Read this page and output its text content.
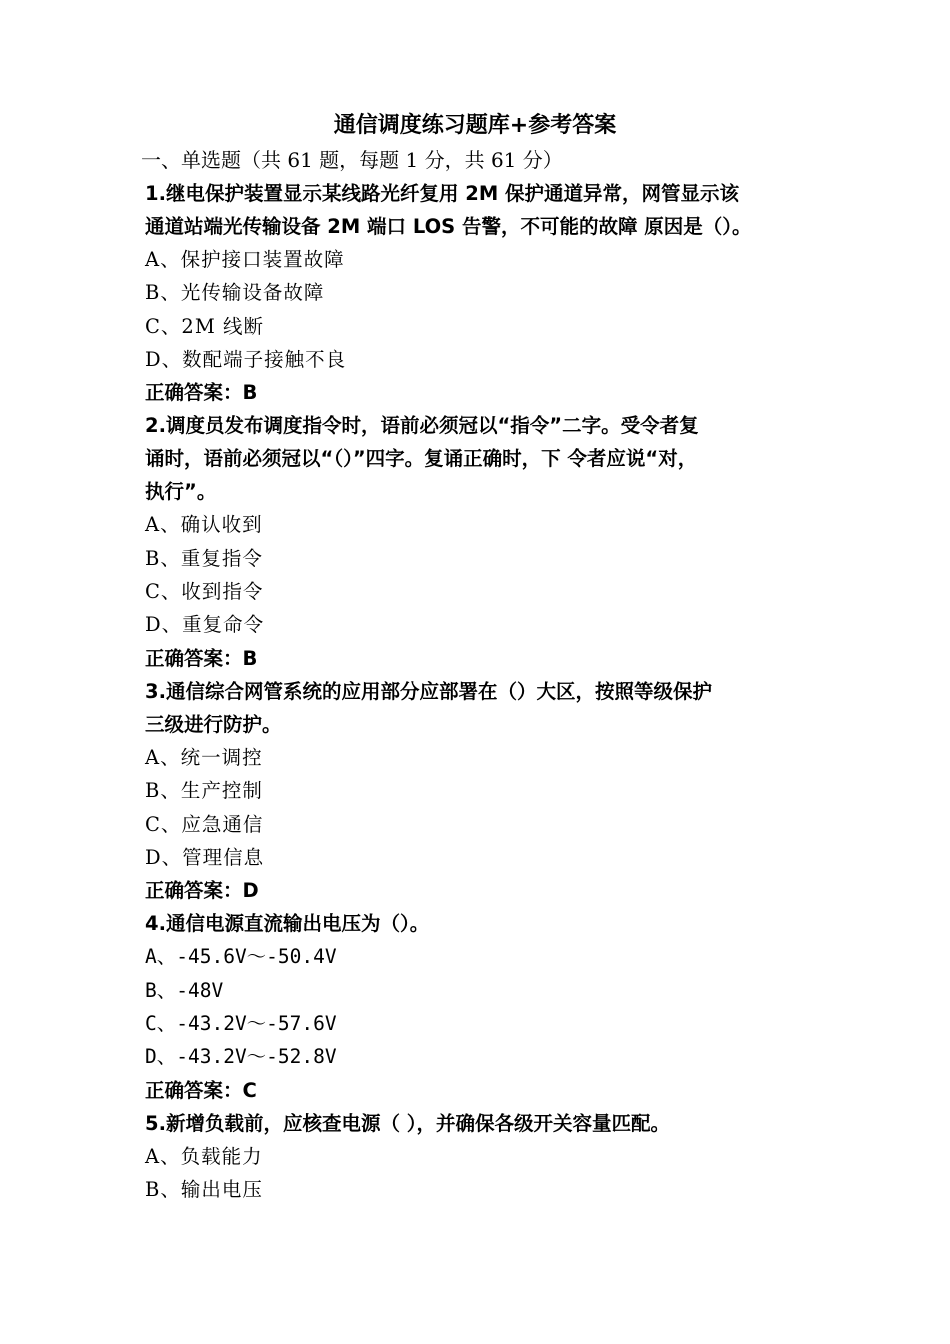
通信调度练习题库+参考答案
一、单选题（共 61 题，每题 1 分，共 61 分）
1.继电保护装置显示某线路光纤复用 2M 保护通道异常，网管显示该
通道站端光传输设备 2M 端口 LOS 告警，不可能的故障 原因是（）。
A、保护接口装置故障
B、光传输设备故障
C、2M 线断
D、数配端子接触不良
正确答案：B
2.调度员发布调度指令时，语前必须冠以“指令”二字。受令者复
诵时，语前必须冠以“（）”四字。复诵正确时，下 令者应说“对，
执行”。
A、确认收到
B、重复指令
C、收到指令
D、重复命令
正确答案：B
3.通信综合网管系统的应用部分应部署在（）大区，按照等级保护
三级进行防护。
A、统一调控
B、生产控制
C、应急通信
D、管理信息
正确答案：D
4.通信电源直流输出电压为（）。
A、-45.6V～-50.4V
B、-48V
C、-43.2V～-57.6V
D、-43.2V～-52.8V
正确答案：C
5.新增负载前，应核查电源（ ），并确保各级开关容量匹配。
A、负载能力
B、输出电压
